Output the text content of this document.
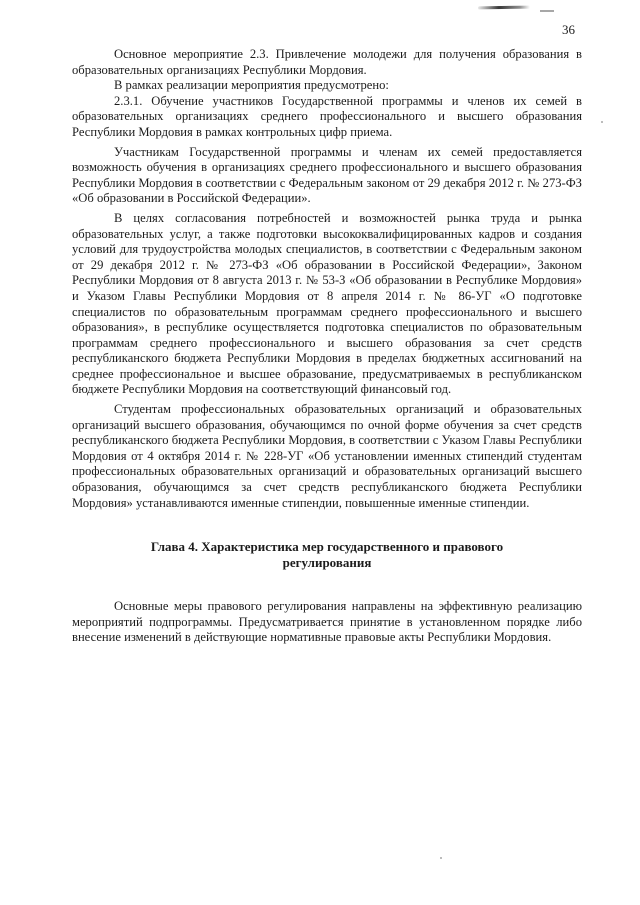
36

Основное мероприятие 2.3. Привлечение молодежи для получения образования в образовательных организациях Республики Мордовия.

В рамках реализации мероприятия предусмотрено:

2.3.1. Обучение участников Государственной программы и членов их семей в образовательных организациях среднего профессионального и высшего образования Республики Мордовия в рамках контрольных цифр приема.

Участникам Государственной программы и членам их семей предоставляется возможность обучения в организациях среднего профессионального и высшего образования Республики Мордовия в соответствии с Федеральным законом от 29 декабря 2012 г. № 273-ФЗ «Об образовании в Российской Федерации».

В целях согласования потребностей и возможностей рынка труда и рынка образовательных услуг, а также подготовки высококвалифицированных кадров и создания условий для трудоустройства молодых специалистов, в соответствии с Федеральным законом от 29 декабря 2012 г. № 273-ФЗ «Об образовании в Российской Федерации», Законом Республики Мордовия от 8 августа 2013 г. № 53-З «Об образовании в Республике Мордовия» и Указом Главы Республики Мордовия от 8 апреля 2014 г. № 86-УГ «О подготовке специалистов по образовательным программам среднего профессионального и высшего образования», в республике осуществляется подготовка специалистов по образовательным программам среднего профессионального и высшего образования за счет средств республиканского бюджета Республики Мордовия в пределах бюджетных ассигнований на среднее профессиональное и высшее образование, предусматриваемых в республиканском бюджете Республики Мордовия на соответствующий финансовый год.

Студентам профессиональных образовательных организаций и образовательных организаций высшего образования, обучающимся по очной форме обучения за счет средств республиканского бюджета Республики Мордовия, в соответствии с Указом Главы Республики Мордовия от 4 октября 2014 г. № 228-УГ «Об установлении именных стипендий студентам профессиональных образовательных организаций и образовательных организаций высшего образования, обучающимся за счет средств республиканского бюджета Республики Мордовия» устанавливаются именные стипендии, повышенные именные стипендии.

Глава 4. Характеристика мер государственного и правового регулирования

Основные меры правового регулирования направлены на эффективную реализацию мероприятий подпрограммы. Предусматривается принятие в установленном порядке либо внесение изменений в действующие нормативные правовые акты Республики Мордовия.
